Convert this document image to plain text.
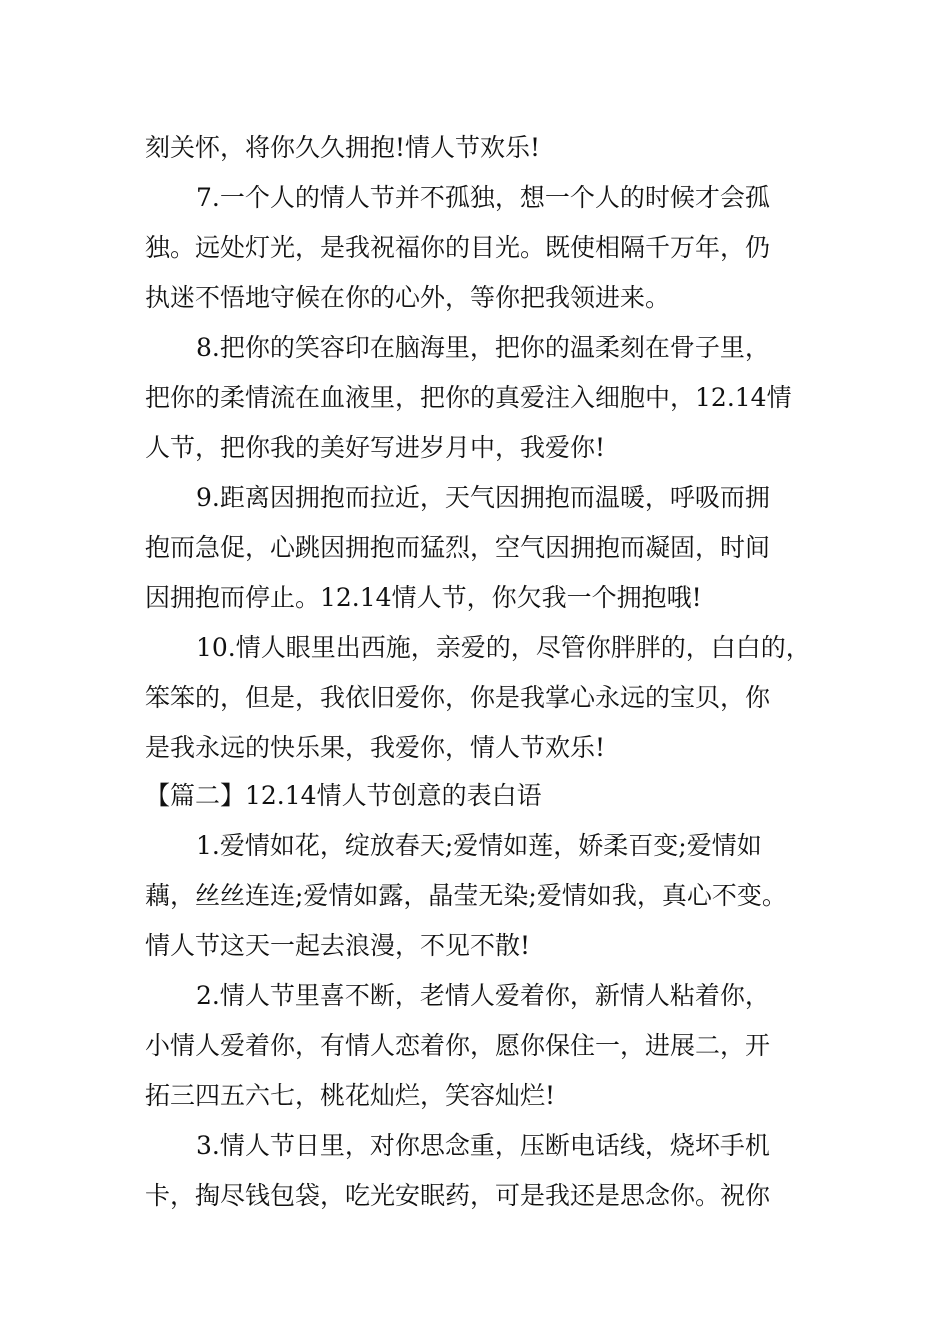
刻关怀，将你久久拥抱!情人节欢乐!
7.一个人的情人节并不孤独，想一个人的时候才会孤
独。远处灯光，是我祝福你的目光。既使相隔千万年，仍
执迷不悟地守候在你的心外，等你把我领进来。
8.把你的笑容印在脑海里，把你的温柔刻在骨子里，
把你的柔情流在血液里，把你的真爱注入细胞中，12.14情
人节，把你我的美好写进岁月中，我爱你!
9.距离因拥抱而拉近，天气因拥抱而温暖，呼吸而拥
抱而急促，心跳因拥抱而猛烈，空气因拥抱而凝固，时间
因拥抱而停止。12.14情人节，你欠我一个拥抱哦!
10.情人眼里出西施，亲爱的，尽管你胖胖的，白白的，
笨笨的，但是，我依旧爱你，你是我掌心永远的宝贝，你
是我永远的快乐果，我爱你，情人节欢乐!
【篇二】12.14情人节创意的表白语
1.爱情如花，绽放春天;爱情如莲，娇柔百变;爱情如
藕，丝丝连连;爱情如露，晶莹无染;爱情如我，真心不变。
情人节这天一起去浪漫，不见不散!
2.情人节里喜不断，老情人爱着你，新情人粘着你，
小情人爱着你，有情人恋着你，愿你保住一，进展二，开
拓三四五六七，桃花灿烂，笑容灿烂!
3.情人节日里，对你思念重，压断电话线，烧坏手机
卡，掏尽钱包袋，吃光安眠药，可是我还是思念你。祝你
